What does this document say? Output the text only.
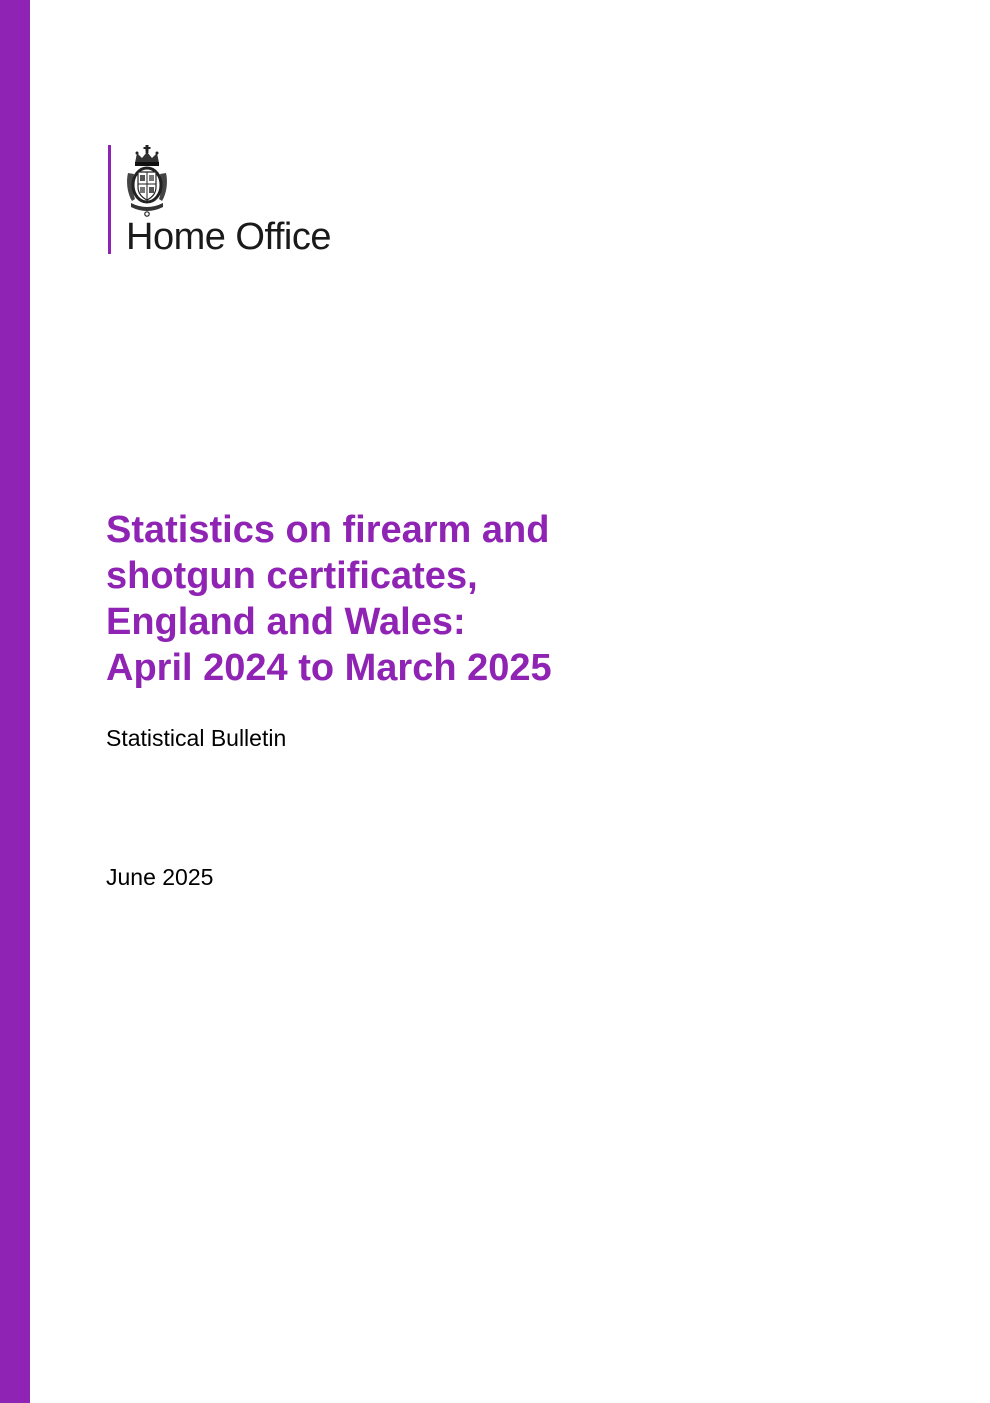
Home Office
Statistics on firearm and
shotgun certificates,
England and Wales:
April 2024 to March 2025
Statistical Bulletin
June 2025
